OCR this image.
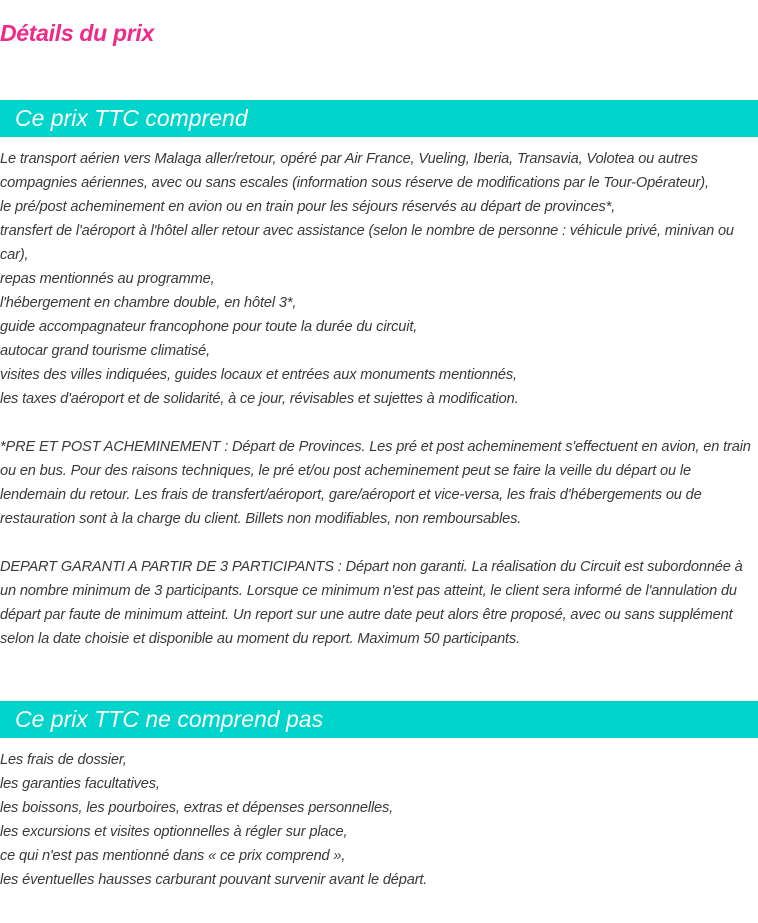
Détails du prix
Ce prix TTC comprend

Le transport aérien vers Malaga aller/retour, opéré par Air France, Vueling, Iberia, Transavia, Volotea ou autres compagnies aériennes, avec ou sans escales (information sous réserve de modifications par le Tour-Opérateur),

le pré/post acheminement en avion ou en train pour les séjours réservés au départ de provinces*,

transfert de l'aéroport à l'hôtel aller retour avec assistance (selon le nombre de personne : véhicule privé, minivan ou car),

repas mentionnés au programme,

l'hébergement en chambre double, en hôtel 3*,

guide accompagnateur francophone pour toute la durée du circuit,

autocar grand tourisme climatisé,

visites des villes indiquées, guides locaux et entrées aux monuments mentionnés,

les taxes d'aéroport et de solidarité, à ce jour, révisables et sujettes à modification.

*PRE ET POST ACHEMINEMENT : Départ de Provinces. Les pré et post acheminement s'effectuent en avion, en train ou en bus. Pour des raisons techniques, le pré et/ou post acheminement peut se faire la veille du départ ou le lendemain du retour. Les frais de transfert/aéroport, gare/aéroport et vice-versa, les frais d'hébergements ou de restauration sont à la charge du client. Billets non modifiables, non remboursables.

DEPART GARANTI A PARTIR DE 3 PARTICIPANTS : Départ non garanti. La réalisation du Circuit est subordonnée à un nombre minimum de 3 participants. Lorsque ce minimum n'est pas atteint, le client sera informé de l'annulation du départ par faute de minimum atteint. Un report sur une autre date peut alors être proposé, avec ou sans supplément selon la date choisie et disponible au moment du report. Maximum 50 participants.

Ce prix TTC ne comprend pas

Les frais de dossier,

les garanties facultatives,

les boissons, les pourboires, extras et dépenses personnelles,

les excursions et visites optionnelles à régler sur place,

ce qui n'est pas mentionné dans « ce prix comprend »,

les éventuelles hausses carburant pouvant survenir avant le départ.
